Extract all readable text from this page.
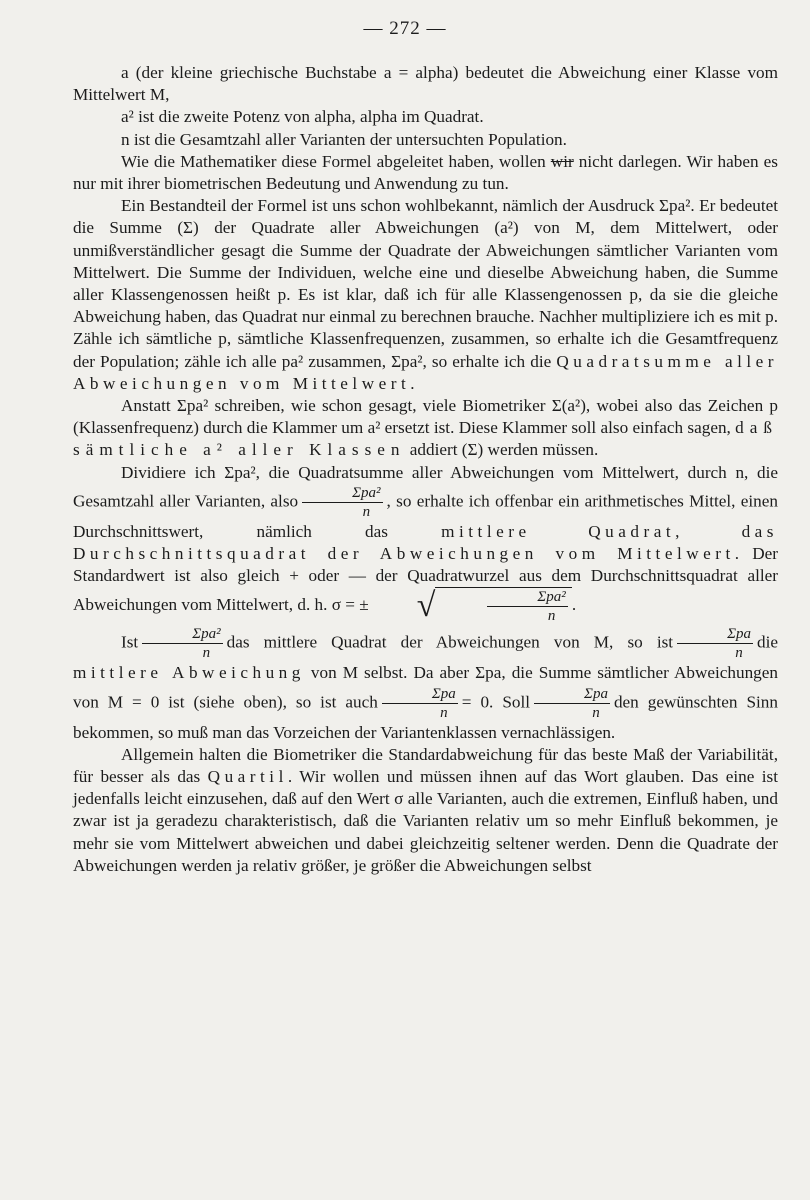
— 272 —

a (der kleine griechische Buchstabe a = alpha) bedeutet die Abweichung einer Klasse vom Mittelwert M,

a² ist die zweite Potenz von alpha, alpha im Quadrat.

n ist die Gesamtzahl aller Varianten der untersuchten Population.

Wie die Mathematiker diese Formel abgeleitet haben, wollen wir nicht darlegen. Wir haben es nur mit ihrer biometrischen Bedeutung und Anwendung zu tun.

Ein Bestandteil der Formel ist uns schon wohlbekannt, nämlich der Ausdruck Σpa². Er bedeutet die Summe (Σ) der Quadrate aller Abweichungen (a²) von M, dem Mittelwert, oder unmißverständlicher gesagt die Summe der Quadrate der Abweichungen sämtlicher Varianten vom Mittelwert. Die Summe der Individuen, welche eine und dieselbe Abweichung haben, die Summe aller Klassengenossen heißt p. Es ist klar, daß ich für alle Klassengenossen p, da sie die gleiche Abweichung haben, das Quadrat nur einmal zu berechnen brauche. Nachher multipliziere ich es mit p. Zähle ich sämtliche p, sämtliche Klassenfrequenzen, zusammen, so erhalte ich die Gesamtfrequenz der Population; zähle ich alle pa² zusammen, Σpa², so erhalte ich die Quadratsumme aller Abweichungen vom Mittelwert.

Anstatt Σpa² schreiben, wie schon gesagt, viele Biometriker Σ(a²), wobei also das Zeichen p (Klassenfrequenz) durch die Klammer um a² ersetzt ist. Diese Klammer soll also einfach sagen, daß sämtliche a² aller Klassen addiert (Σ) werden müssen.

Dividiere ich Σpa², die Quadratsumme aller Abweichungen vom Mittelwert, durch n, die Gesamtzahl aller Varianten, also $\frac{\text{Σpa²}}{n}$ , so erhalte ich offenbar ein arithmetisches Mittel, einen Durchschnittswert, nämlich das mittlere Quadrat, das Durchschnittsquadrat der Abweichungen vom Mittelwert. Der Standardwert ist also gleich + oder — der Quadratwurzel aus dem Durchschnittsquadrat aller Abweichungen vom Mittelwert, d. h. σ = ± √	$\frac{\text{Σpa²}}{n}$ .

Ist $\frac{\text{Σpa²}}{n}$ das mittlere Quadrat der Abweichungen von M, so ist $\frac{\text{Σpa}}{n}$ die mittlere Abweichung von M selbst. Da aber Σpa, die Summe sämtlicher Abweichungen von M = 0 ist (siehe oben), so ist auch $\frac{\text{Σpa}}{n} = 0$. Soll $\frac{\text{Σpa}}{n}$ den gewünschten Sinn bekommen, so muß man das Vorzeichen der Variantenklassen vernachlässigen.

Allgemein halten die Biometriker die Standardabweichung für das beste Maß der Variabilität, für besser als das Quartil. Wir wollen und müssen ihnen auf das Wort glauben. Das eine ist jedenfalls leicht einzusehen, daß auf den Wert σ alle Varianten, auch die extremen, Einfluß haben, und zwar ist ja geradezu charakteristisch, daß die Varianten relativ um so mehr Einfluß bekommen, je mehr sie vom Mittelwert abweichen und dabei gleichzeitig seltener werden. Denn die Quadrate der Abweichungen werden ja relativ größer, je größer die Abweichungen selbst
